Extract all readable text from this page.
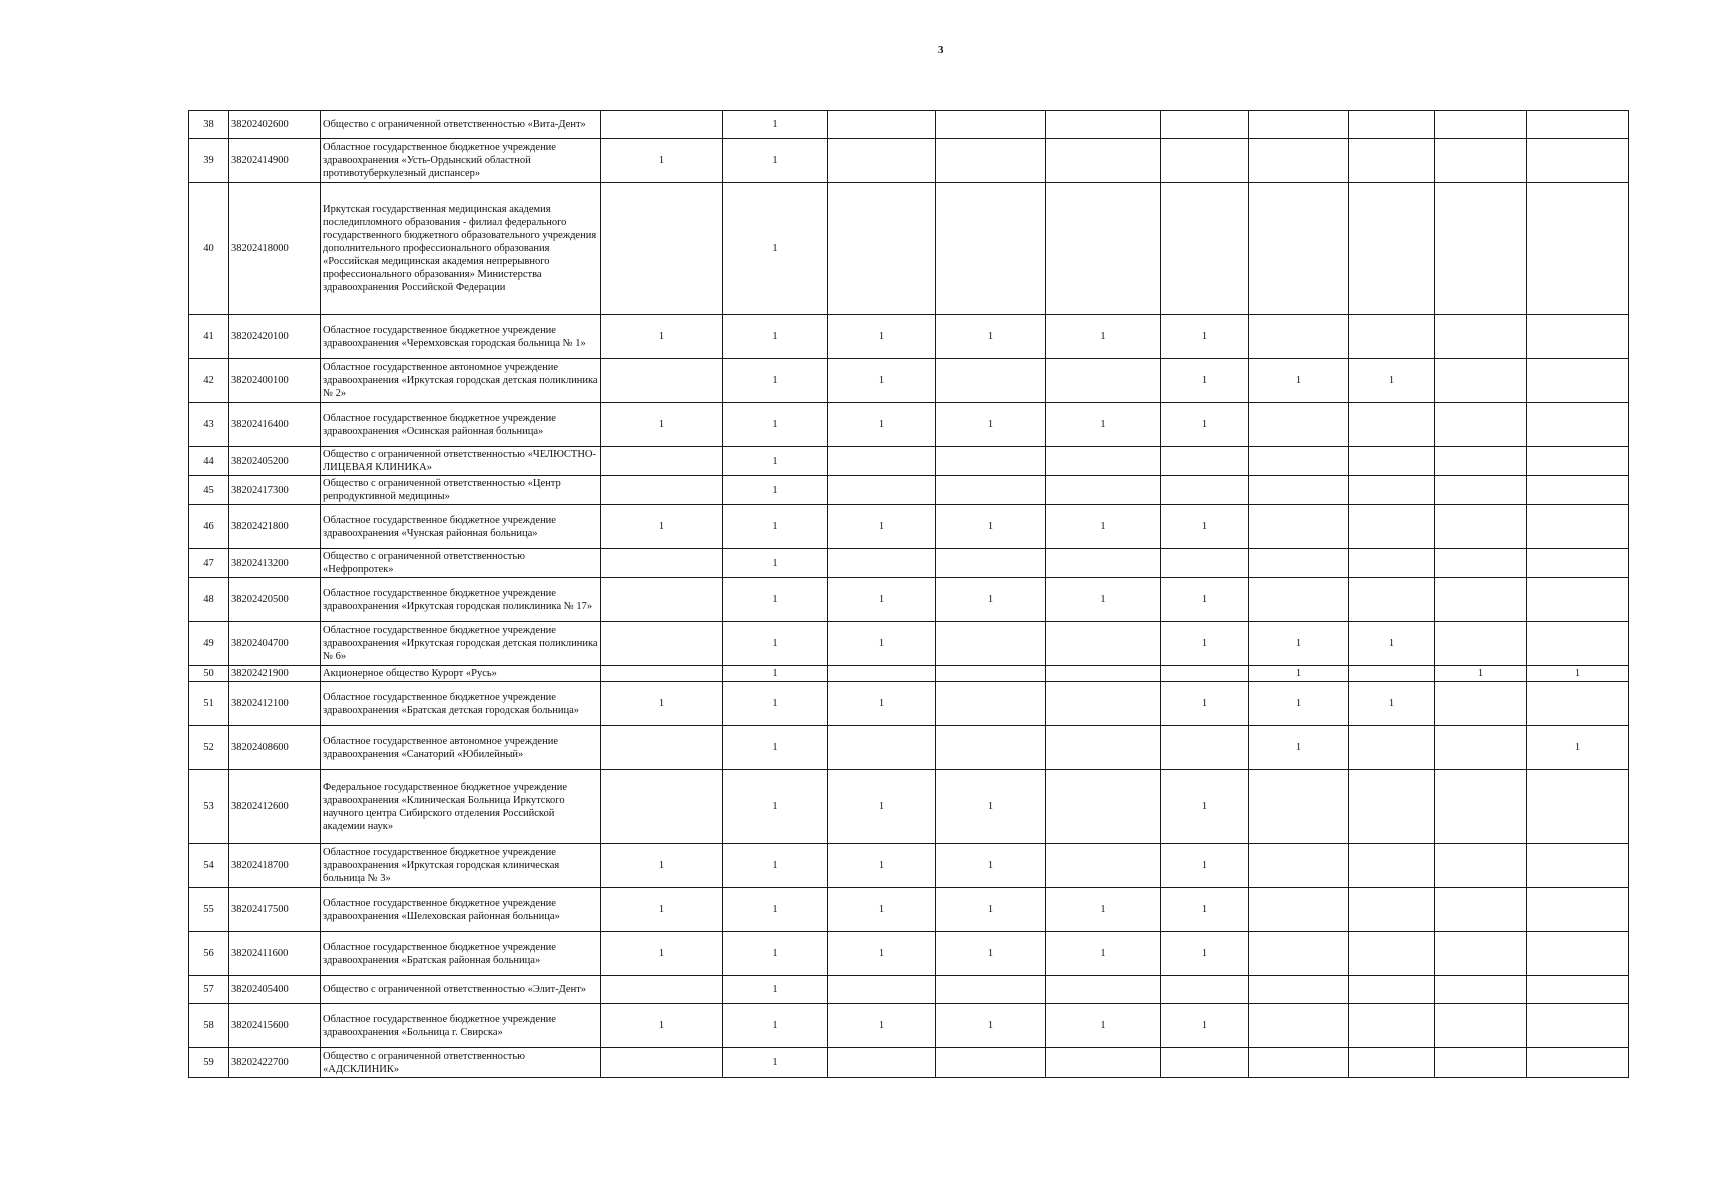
3
38	38202402600	Общество с ограниченной ответственностью «Вита-Дент»		1								
39	38202414900	Областное государственное бюджетное учреждение здравоохранения «Усть-Ордынский областной противотуберкулезный диспансер»	1	1								
40	38202418000	Иркутская государственная медицинская академия последипломного образования - филиал федерального государственного бюджетного образовательного учреждения дополнительного профессионального образования «Российская медицинская академия непрерывного профессионального образования» Министерства здравоохранения Российской Федерации		1								
41	38202420100	Областное государственное бюджетное учреждение здравоохранения «Черемховская городская больница № 1»	1	1	1	1	1	1				
42	38202400100	Областное государственное автономное учреждение здравоохранения «Иркутская городская детская поликлиника № 2»		1	1			1	1	1		
43	38202416400	Областное государственное бюджетное учреждение здравоохранения «Осинская районная больница»	1	1	1	1	1	1				
44	38202405200	Общество с ограниченной ответственностью «ЧЕЛЮСТНО-ЛИЦЕВАЯ КЛИНИКА»		1								
45	38202417300	Общество с ограниченной ответственностью «Центр репродуктивной медицины»		1								
46	38202421800	Областное государственное бюджетное учреждение здравоохранения «Чунская районная больница»	1	1	1	1	1	1				
47	38202413200	Общество с ограниченной ответственностью «Нефропротек»		1								
48	38202420500	Областное государственное бюджетное учреждение здравоохранения «Иркутская городская поликлиника № 17»		1	1	1	1	1				
49	38202404700	Областное государственное бюджетное учреждение здравоохранения «Иркутская городская детская поликлиника № 6»		1	1			1	1	1		
50	38202421900	Акционерное общество Курорт «Русь»		1					1		1	1
51	38202412100	Областное государственное бюджетное учреждение здравоохранения «Братская детская городская больница»	1	1	1			1	1	1		
52	38202408600	Областное государственное автономное учреждение здравоохранения «Санаторий «Юбилейный»		1					1			1
53	38202412600	Федеральное государственное бюджетное учреждение здравоохранения «Клиническая Больница Иркутского научного центра Сибирского отделения Российской академии наук»		1	1	1		1				
54	38202418700	Областное государственное бюджетное учреждение здравоохранения «Иркутская городская клиническая больница № 3»	1	1	1	1		1				
55	38202417500	Областное государственное бюджетное учреждение здравоохранения «Шелеховская районная больница»	1	1	1	1	1	1				
56	38202411600	Областное государственное бюджетное учреждение здравоохранения «Братская районная больница»	1	1	1	1	1	1				
57	38202405400	Общество с ограниченной ответственностью «Элит-Дент»		1								
58	38202415600	Областное государственное бюджетное учреждение здравоохранения «Больница г. Свирска»	1	1	1	1	1	1				
59	38202422700	Общество с ограниченной ответственностью «АДСКЛИНИК»		1								
